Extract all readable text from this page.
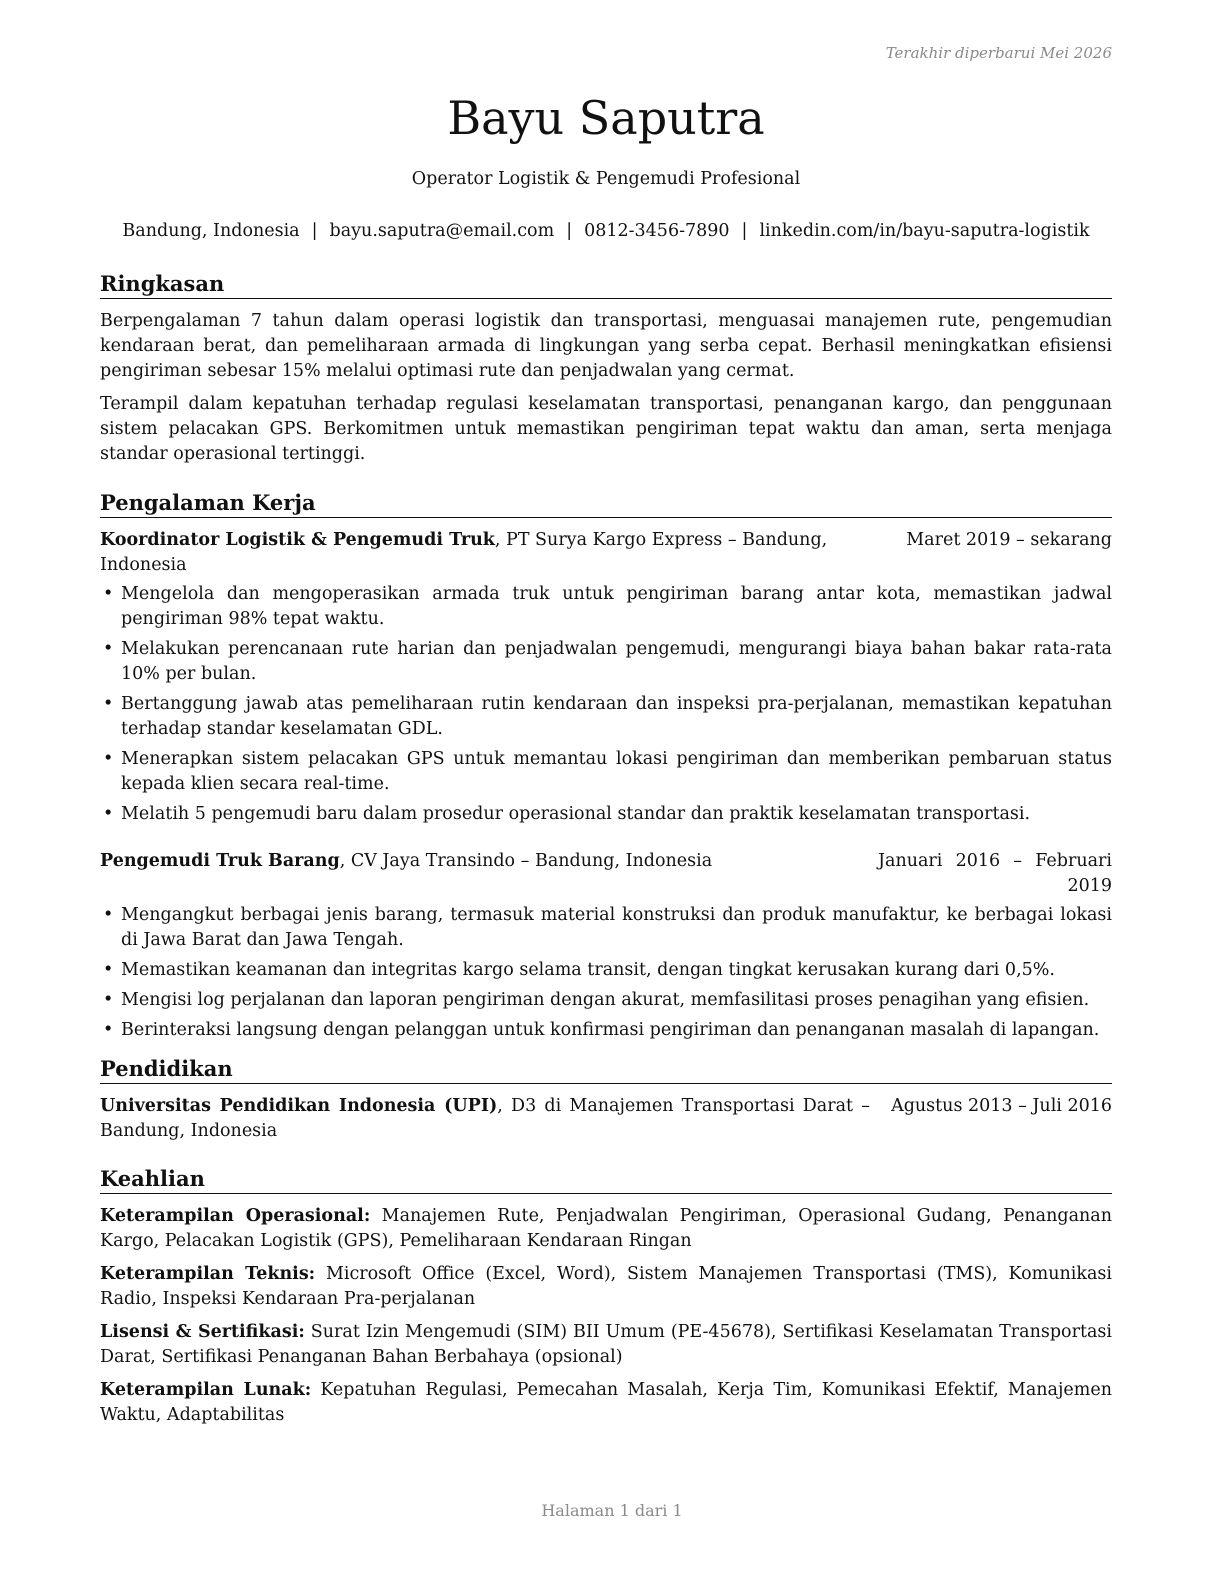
Terakhir diperbarui Mei 2026
Bayu Saputra
Operator Logistik & Pengemudi Profesional
Bandung, Indonesia | bayu.saputra@email.com | 0812-3456-7890 | linkedin.com/in/bayu-saputra-logistik
Ringkasan

Berpengalaman 7 tahun dalam operasi logistik dan transportasi, menguasai manajemen rute, pengemudian kendaraan berat, dan pemeliharaan armada di lingkungan yang serba cepat. Berhasil meningkatkan efisiensi pengiriman sebesar 15% melalui optimasi rute dan penjadwalan yang cermat.

Terampil dalam kepatuhan terhadap regulasi keselamatan transportasi, penanganan kargo, dan penggunaan sistem pelacakan GPS. Berkomitmen untuk memastikan pengiriman tepat waktu dan aman, serta menjaga standar operasional tertinggi.

Pengalaman Kerja
Koordinator Logistik & Pengemudi Truk, PT Surya Kargo Express – Bandung, Indonesia
Maret 2019 – sekarang
• Mengelola dan mengoperasikan armada truk untuk pengiriman barang antar kota, memastikan jadwal pengiriman 98% tepat waktu.
• Melakukan perencanaan rute harian dan penjadwalan pengemudi, mengurangi biaya bahan bakar rata-rata 10% per bulan.
• Bertanggung jawab atas pemeliharaan rutin kendaraan dan inspeksi pra-perjalanan, memastikan kepatuhan terhadap standar keselamatan GDL.
• Menerapkan sistem pelacakan GPS untuk memantau lokasi pengiriman dan memberikan pembaruan status kepada klien secara real-time.
• Melatih 5 pengemudi baru dalam prosedur operasional standar dan praktik keselamatan transportasi.
Pengemudi Truk Barang, CV Jaya Transindo – Bandung, Indonesia	Januari 2016 – Februari 2019
• Mengangkut berbagai jenis barang, termasuk material konstruksi dan produk manufaktur, ke berbagai lokasi di Jawa Barat dan Jawa Tengah.
• Memastikan keamanan dan integritas kargo selama transit, dengan tingkat kerusakan kurang dari 0,5%.
• Mengisi log perjalanan dan laporan pengiriman dengan akurat, memfasilitasi proses penagihan yang efisien.
• Berinteraksi langsung dengan pelanggan untuk konfirmasi pengiriman dan penanganan masalah di lapangan.
Pendidikan
Universitas Pendidikan Indonesia (UPI), D3 di Manajemen Transportasi Darat – Bandung, Indonesia
Agustus 2013 – Juli 2016
Keahlian

Keterampilan Operasional: Manajemen Rute, Penjadwalan Pengiriman, Operasional Gudang, Penanganan Kargo, Pelacakan Logistik (GPS), Pemeliharaan Kendaraan Ringan

Keterampilan Teknis: Microsoft Office (Excel, Word), Sistem Manajemen Transportasi (TMS), Komunikasi Radio, Inspeksi Kendaraan Pra-perjalanan

Lisensi & Sertifikasi: Surat Izin Mengemudi (SIM) BII Umum (PE-45678), Sertifikasi Keselamatan Transportasi Darat, Sertifikasi Penanganan Bahan Berbahaya (opsional)

Keterampilan Lunak: Kepatuhan Regulasi, Pemecahan Masalah, Kerja Tim, Komunikasi Efektif, Manajemen Waktu, Adaptabilitas

Halaman 1 dari 1
